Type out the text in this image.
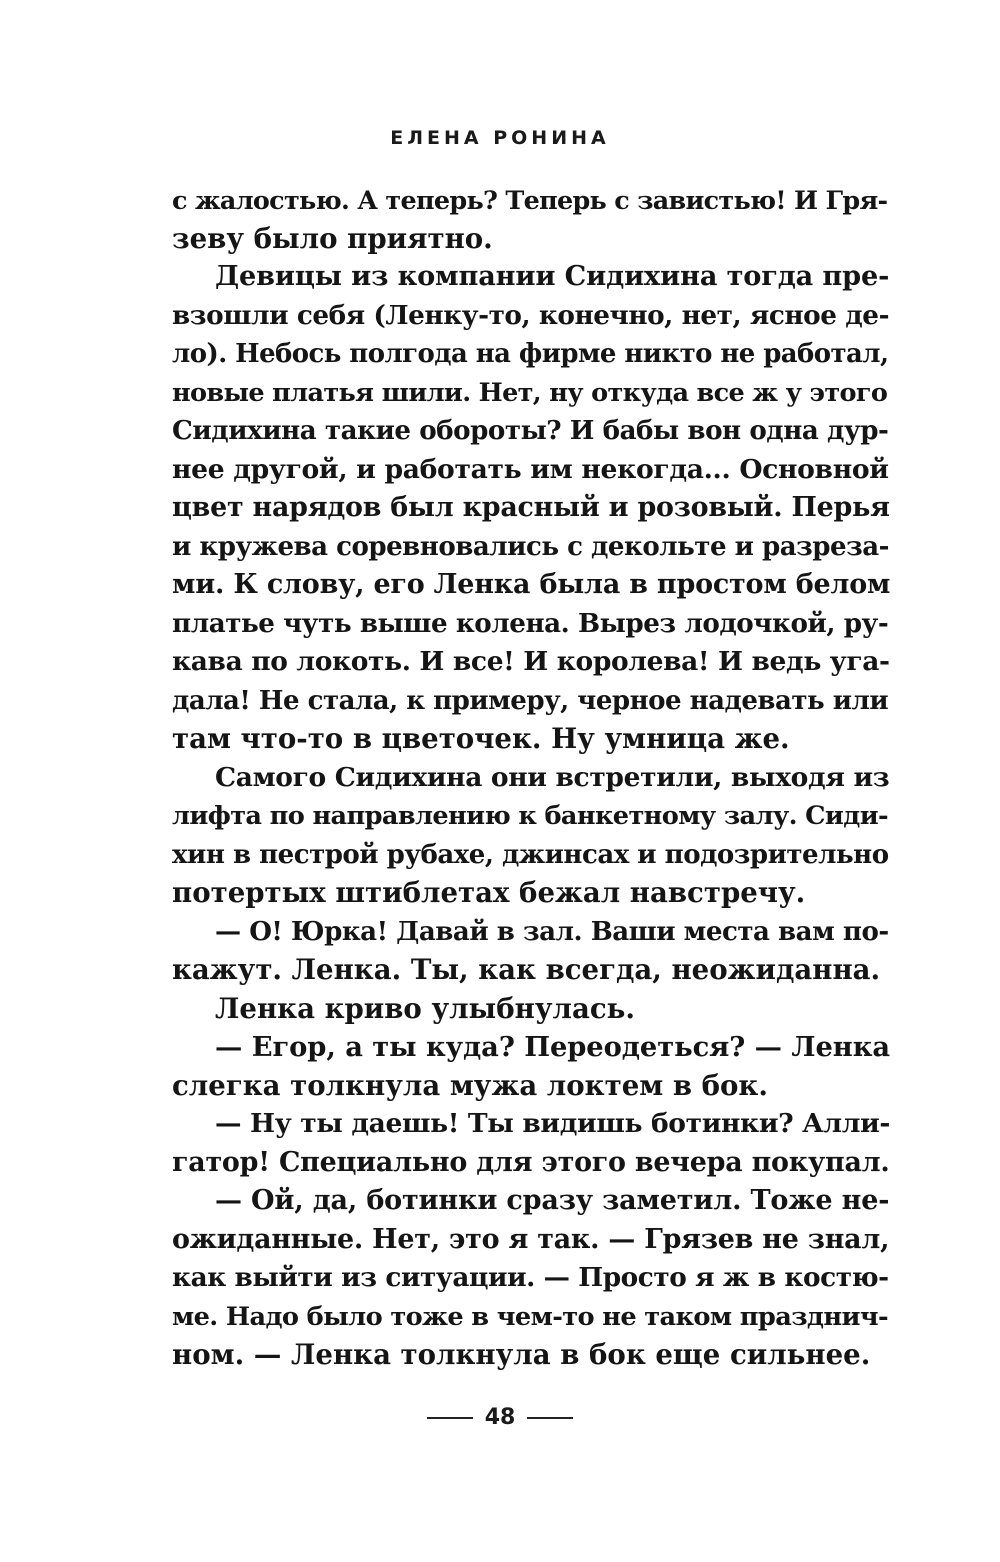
ЕЛЕНА РОНИНА
с жалостью. А теперь? Теперь с завистью! И Гря-
зеву было приятно.
Девицы из компании Сидихина тогда пре-
взошли себя (Ленку-то, конечно, нет, ясное де-
ло). Небось полгода на фирме никто не работал,
новые платья шили. Нет, ну откуда все ж у этого
Сидихина такие обороты? И бабы вон одна дур-
нее другой, и работать им некогда... Основной
цвет нарядов был красный и розовый. Перья
и кружева соревновались с декольте и разреза-
ми. К слову, его Ленка была в простом белом
платье чуть выше колена. Вырез лодочкой, ру-
кава по локоть. И все! И королева! И ведь уга-
дала! Не стала, к примеру, черное надевать или
там что-то в цветочек. Ну умница же.
Самого Сидихина они встретили, выходя из
лифта по направлению к банкетному залу. Сиди-
хин в пестрой рубахе, джинсах и подозрительно
потертых штиблетах бежал навстречу.
— О! Юрка! Давай в зал. Ваши места вам по-
кажут. Ленка. Ты, как всегда, неожиданна.
Ленка криво улыбнулась.
— Егор, а ты куда? Переодеться? — Ленка
слегка толкнула мужа локтем в бок.
— Ну ты даешь! Ты видишь ботинки? Алли-
гатор! Специально для этого вечера покупал.
— Ой, да, ботинки сразу заметил. Тоже не-
ожиданные. Нет, это я так. — Грязев не знал,
как выйти из ситуации. — Просто я ж в костю-
ме. Надо было тоже в чем-то не таком празднич-
ном. — Ленка толкнула в бок еще сильнее.
48
